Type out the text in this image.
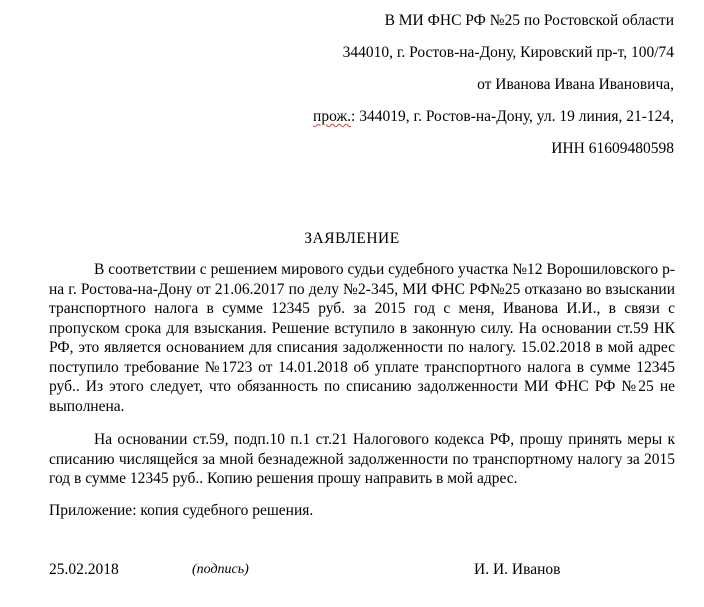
В МИ ФНС РФ №25 по Ростовской области
344010, г. Ростов-на-Дону, Кировский пр-т, 100/74
от Иванова Ивана Ивановича,
прож.: 344019, г. Ростов-на-Дону, ул. 19 линия, 21-124,
ИНН 61609480598
ЗАЯВЛЕНИЕ

В соответствии с решением мирового судьи судебного участка №12 Ворошиловского р-на г. Ростова-на-Дону от 21.06.2017 по делу №2-345, МИ ФНС РФ№25 отказано во взыскании транспортного налога в сумме 12345 руб. за 2015 год с меня, Иванова И.И., в связи с пропуском срока для взыскания. Решение вступило в законную силу. На основании ст.59 НК РФ, это является основанием для списания задолженности по налогу. 15.02.2018 в мой адрес поступило требование №1723 от 14.01.2018 об уплате транспортного налога в сумме 12345 руб.. Из этого следует, что обязанность по списанию задолженности МИ ФНС РФ №25 не выполнена.

На основании ст.59, подп.10 п.1 ст.21 Налогового кодекса РФ, прошу принять меры к списанию числящейся за мной безнадежной задолженности по транспортному налогу за 2015 год в сумме 12345 руб.. Копию решения прошу направить в мой адрес.

Приложение: копия судебного решения.
25.02.2018	(подпись)	И. И. Иванов
